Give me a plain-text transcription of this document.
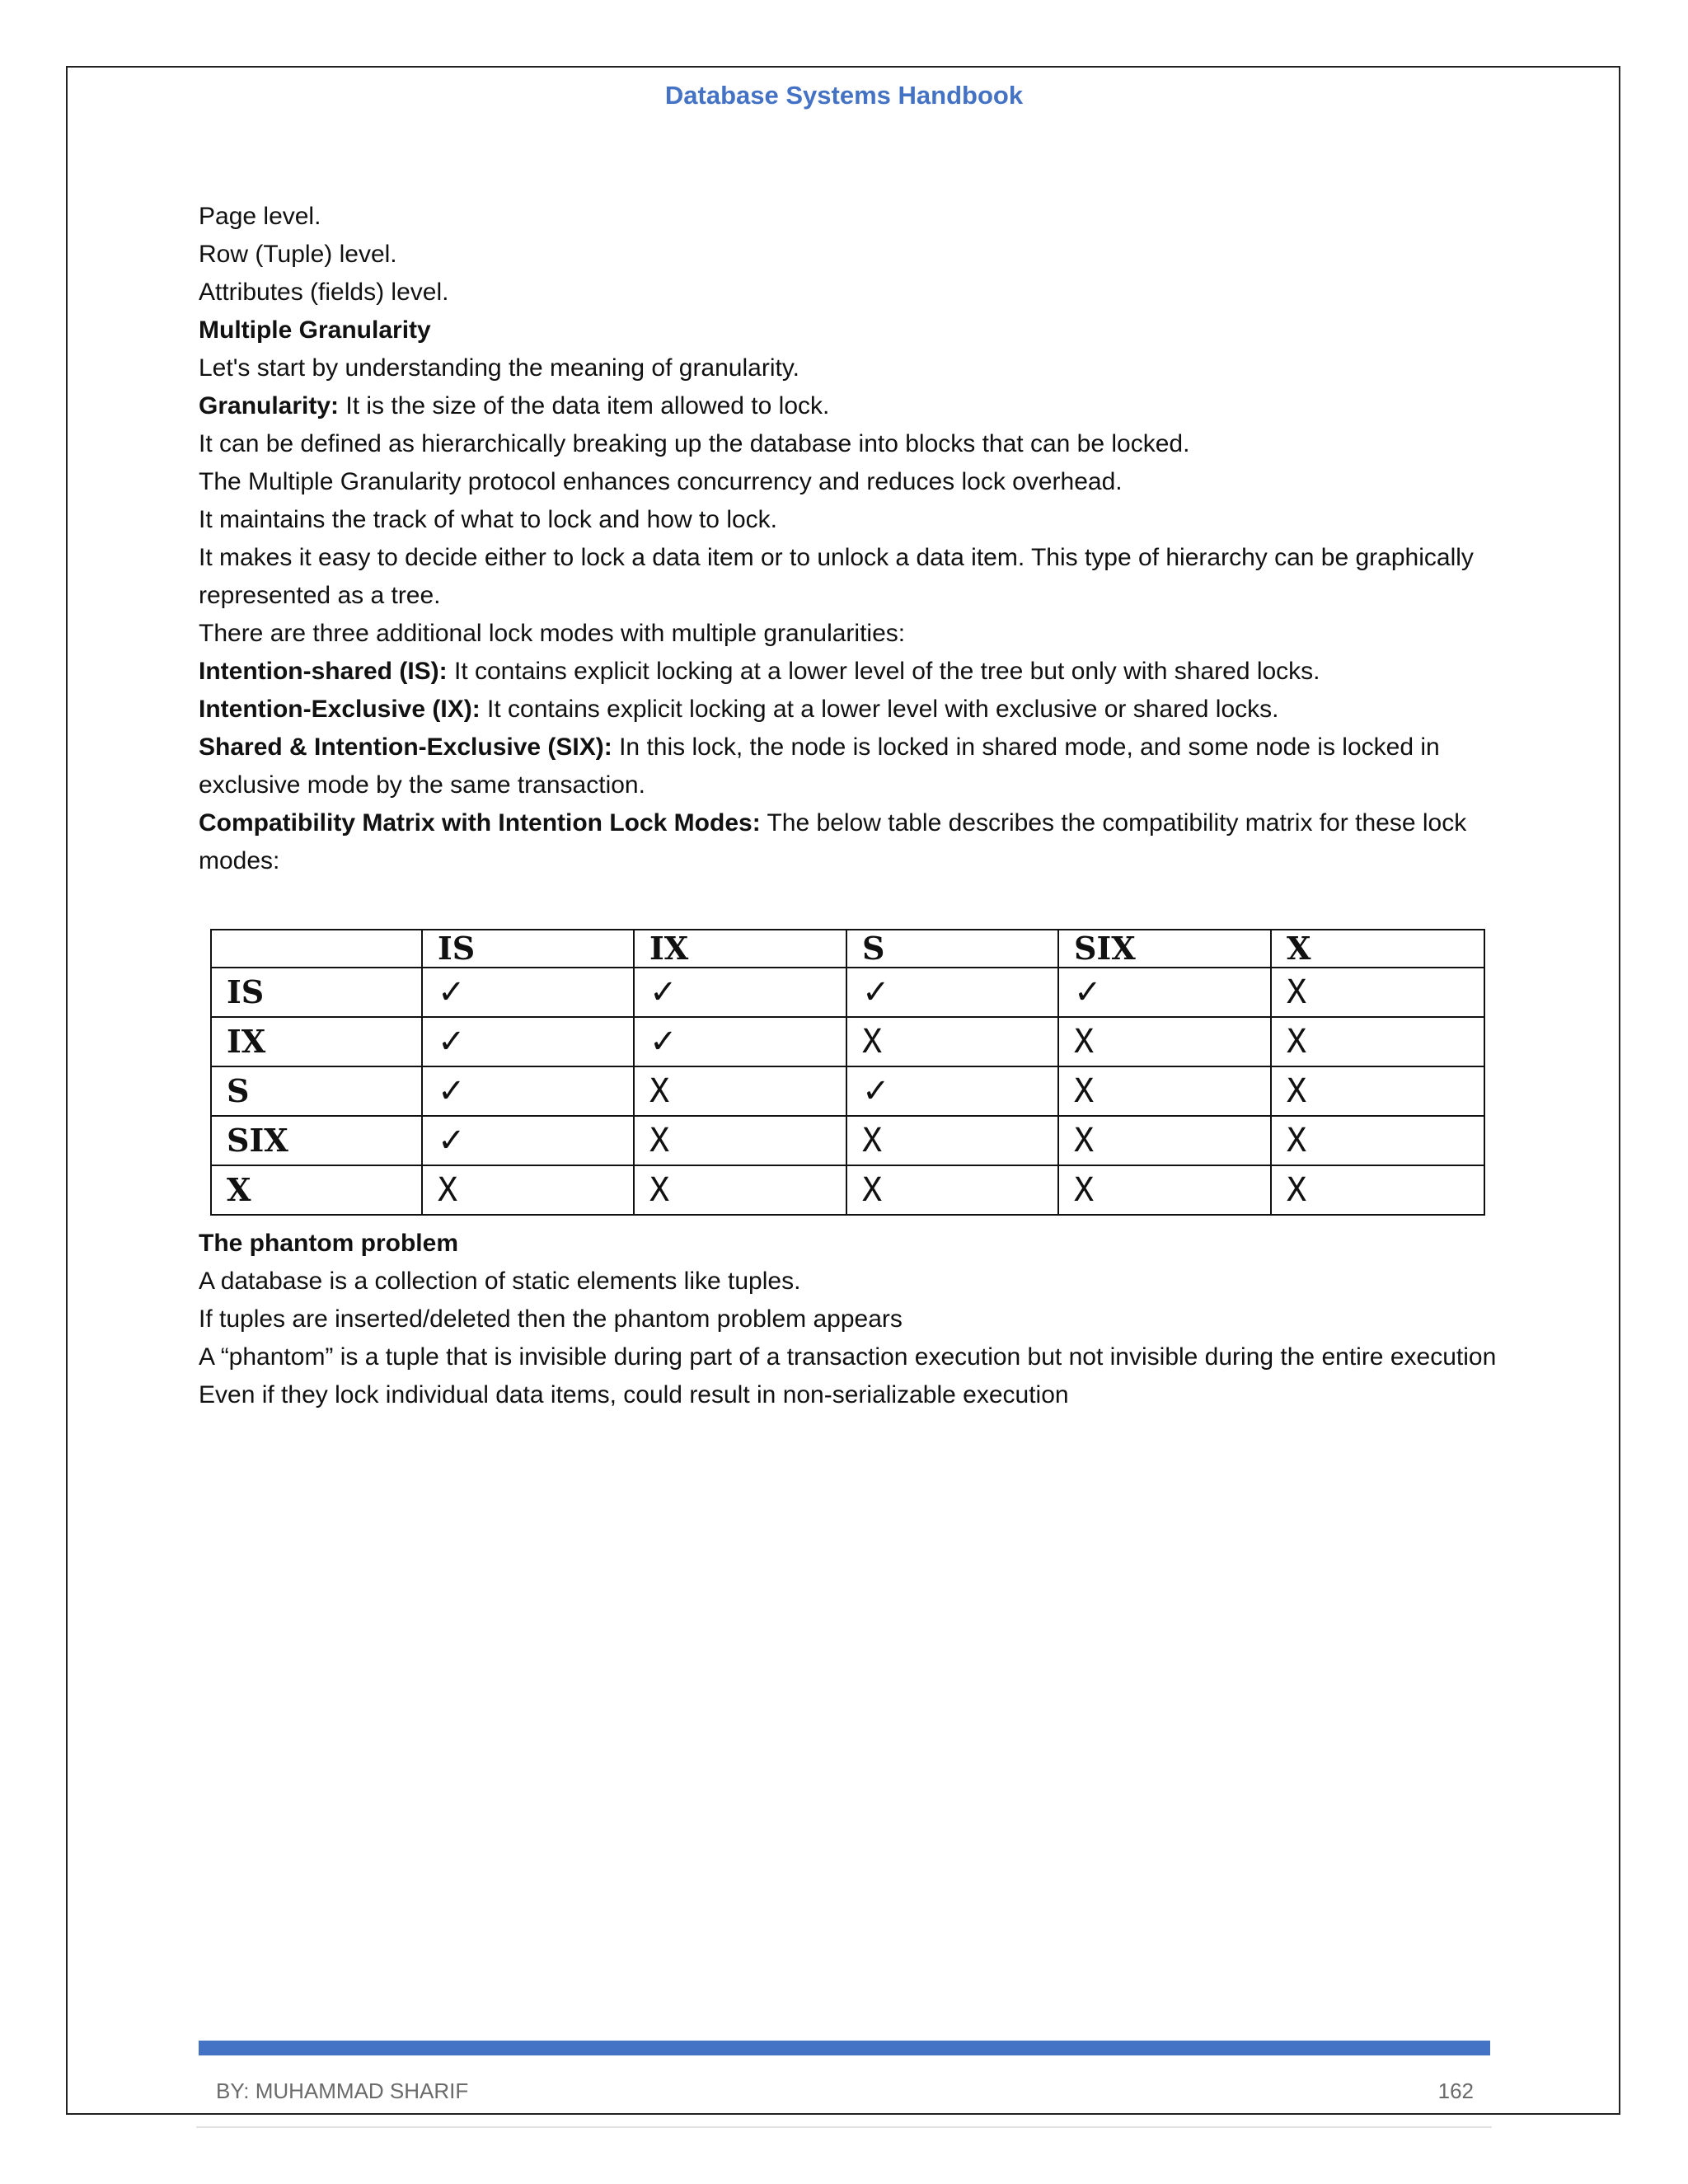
Database Systems Handbook

Page level.

Row (Tuple) level.

Attributes (fields) level.

Multiple Granularity

Let's start by understanding the meaning of granularity.

Granularity: It is the size of the data item allowed to lock.

It can be defined as hierarchically breaking up the database into blocks that can be locked.

The Multiple Granularity protocol enhances concurrency and reduces lock overhead.

It maintains the track of what to lock and how to lock.

It makes it easy to decide either to lock a data item or to unlock a data item. This type of hierarchy can be graphically represented as a tree.

There are three additional lock modes with multiple granularities:

Intention-shared (IS): It contains explicit locking at a lower level of the tree but only with shared locks.

Intention-Exclusive (IX): It contains explicit locking at a lower level with exclusive or shared locks.

Shared & Intention-Exclusive (SIX): In this lock, the node is locked in shared mode, and some node is locked in exclusive mode by the same transaction.

Compatibility Matrix with Intention Lock Modes: The below table describes the compatibility matrix for these lock modes:

	IS	IX	S	SIX	X
IS	✓	✓	✓	✓	X
IX	✓	✓	X	X	X
S	✓	X	✓	X	X
SIX	✓	X	X	X	X
X	X	X	X	X	X

The phantom problem

A database is a collection of static elements like tuples.

If tuples are inserted/deleted then the phantom problem appears

A “phantom” is a tuple that is invisible during part of a transaction execution but not invisible during the entire execution

Even if they lock individual data items, could result in non-serializable execution

BY: MUHAMMAD SHARIF	162
